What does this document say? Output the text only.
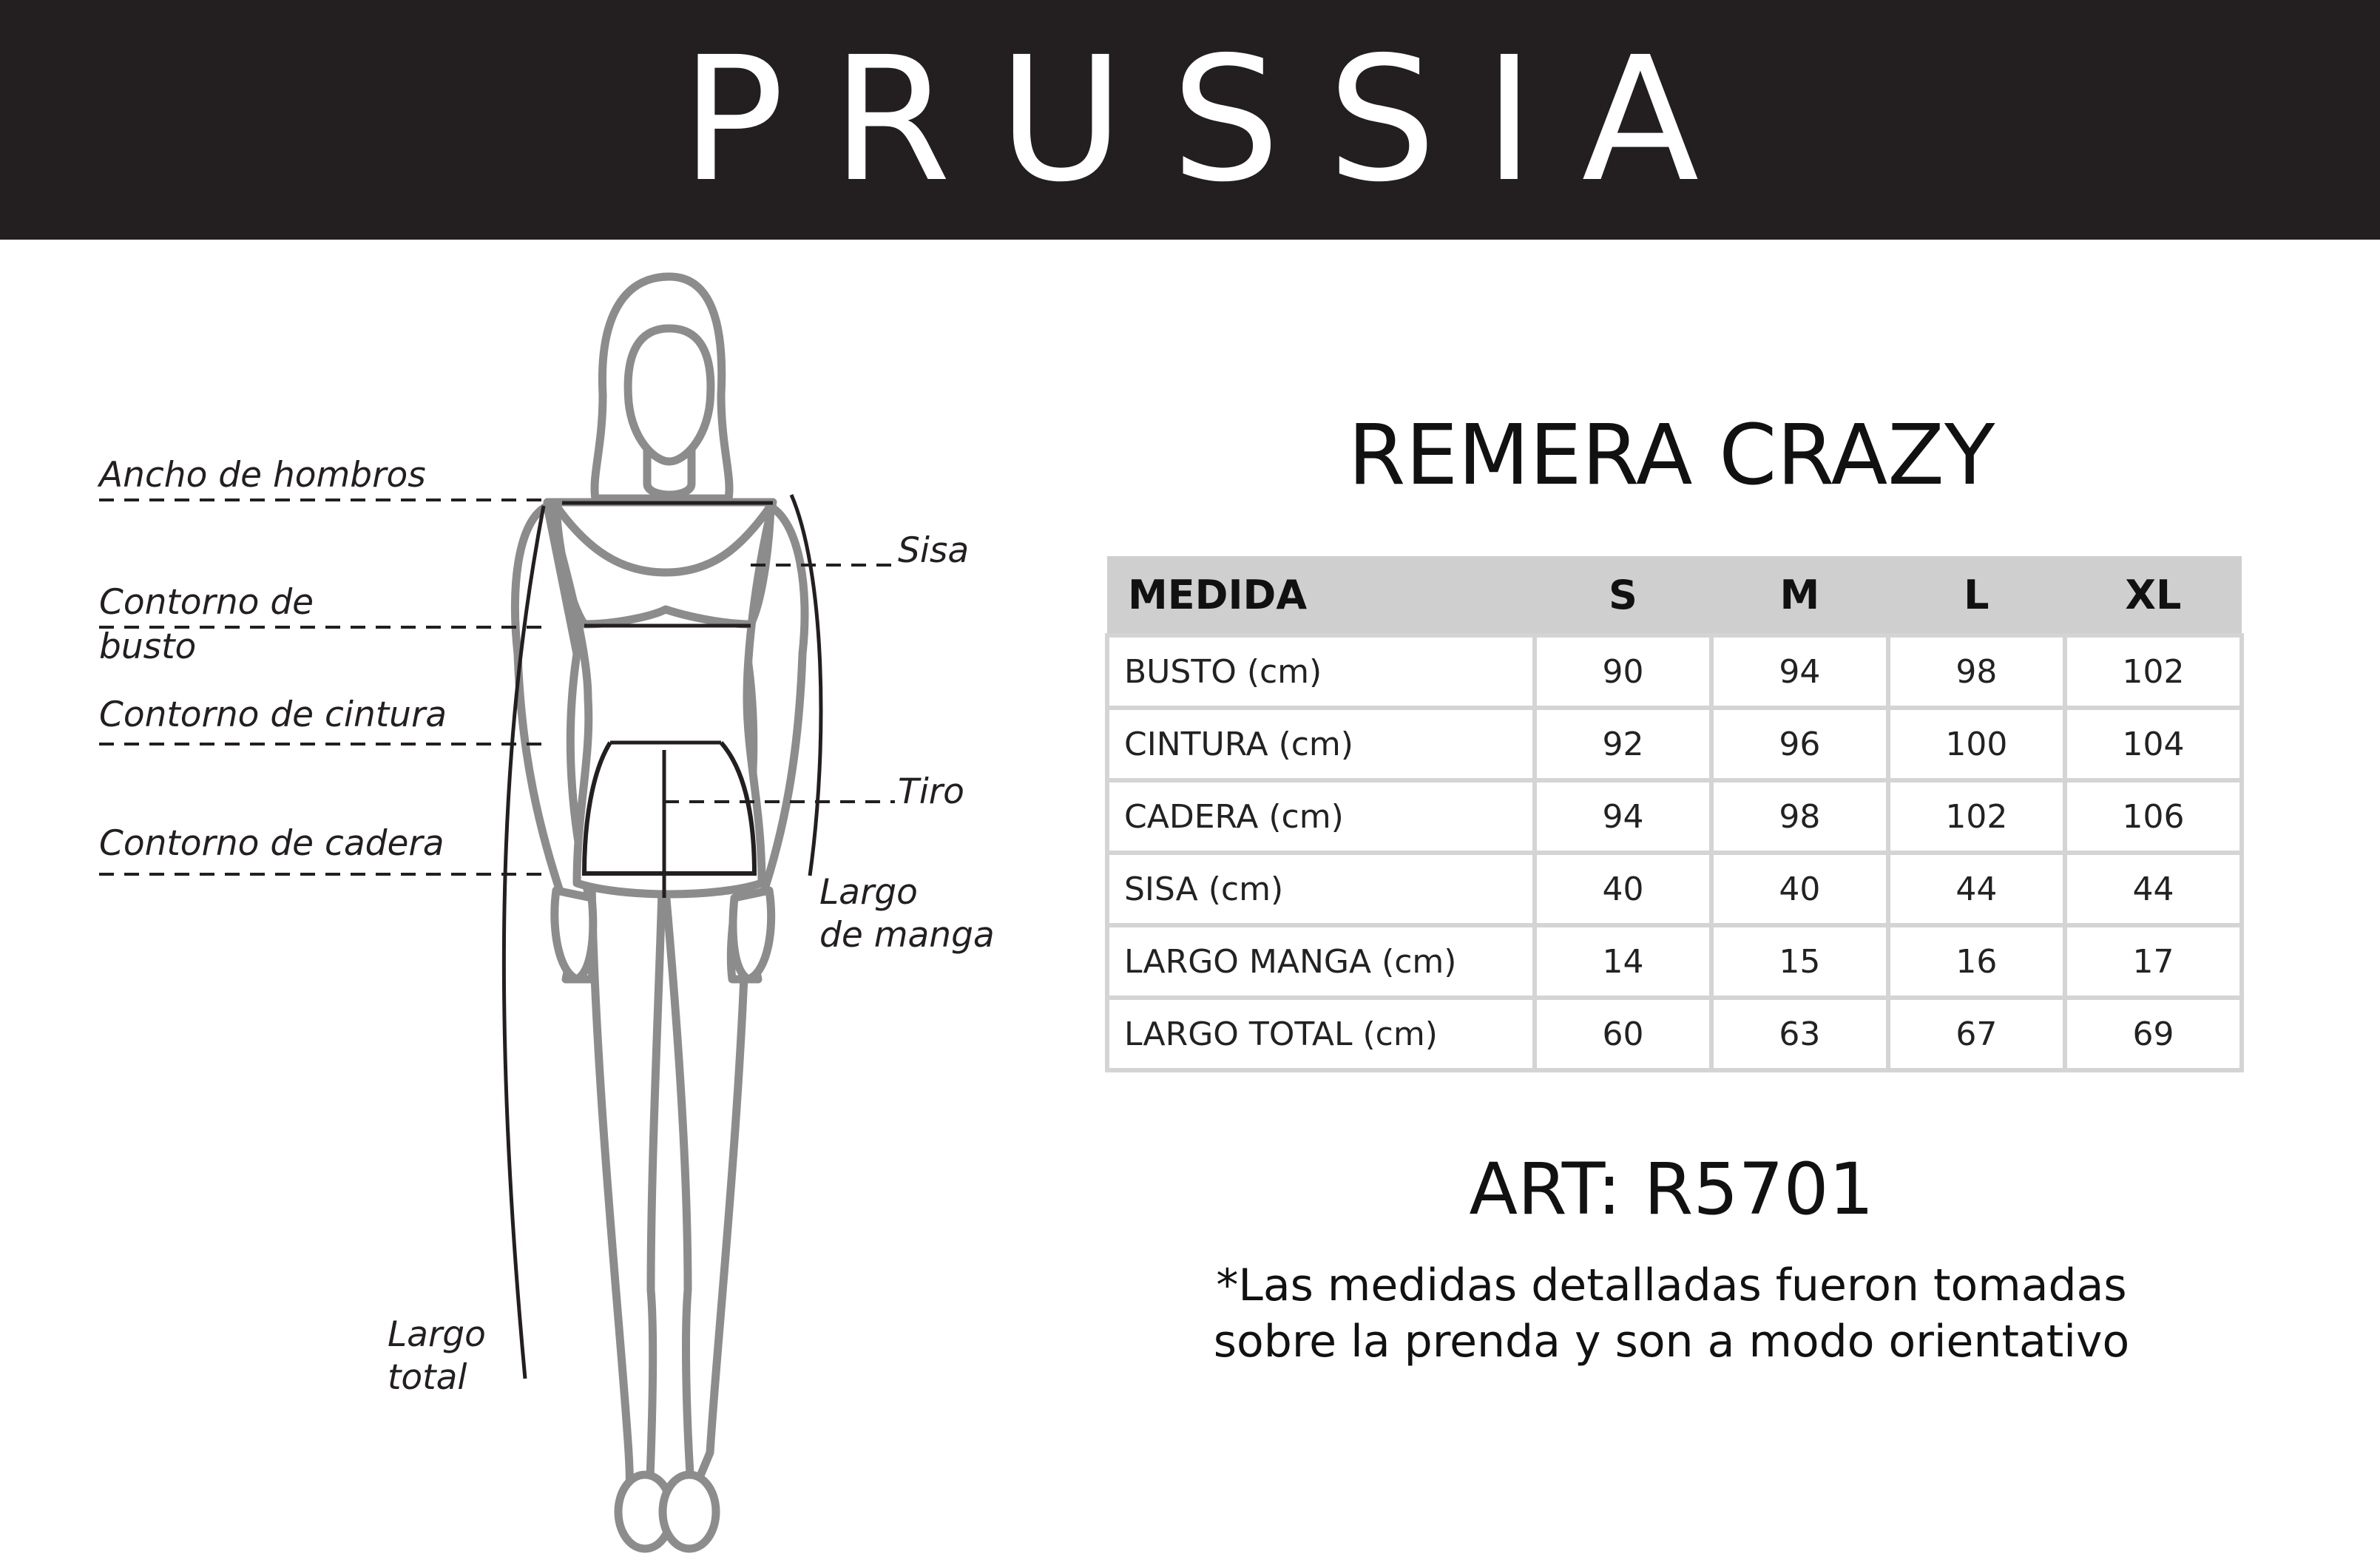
PRUSSIA
Ancho de hombros
Contorno de
busto
Contorno de cintura
Contorno de cadera
Sisa
Tiro
Largo
de manga
Largo
total
REMERA CRAZY
MEDIDA	S	M	L	XL
BUSTO (cm)	90	94	98	102
CINTURA (cm)	92	96	100	104
CADERA (cm)	94	98	102	106
SISA (cm)	40	40	44	44
LARGO MANGA (cm)	14	15	16	17
LARGO TOTAL (cm)	60	63	67	69
ART: R5701
*Las medidas detalladas fueron tomadas
sobre la prenda y son a modo orientativo
